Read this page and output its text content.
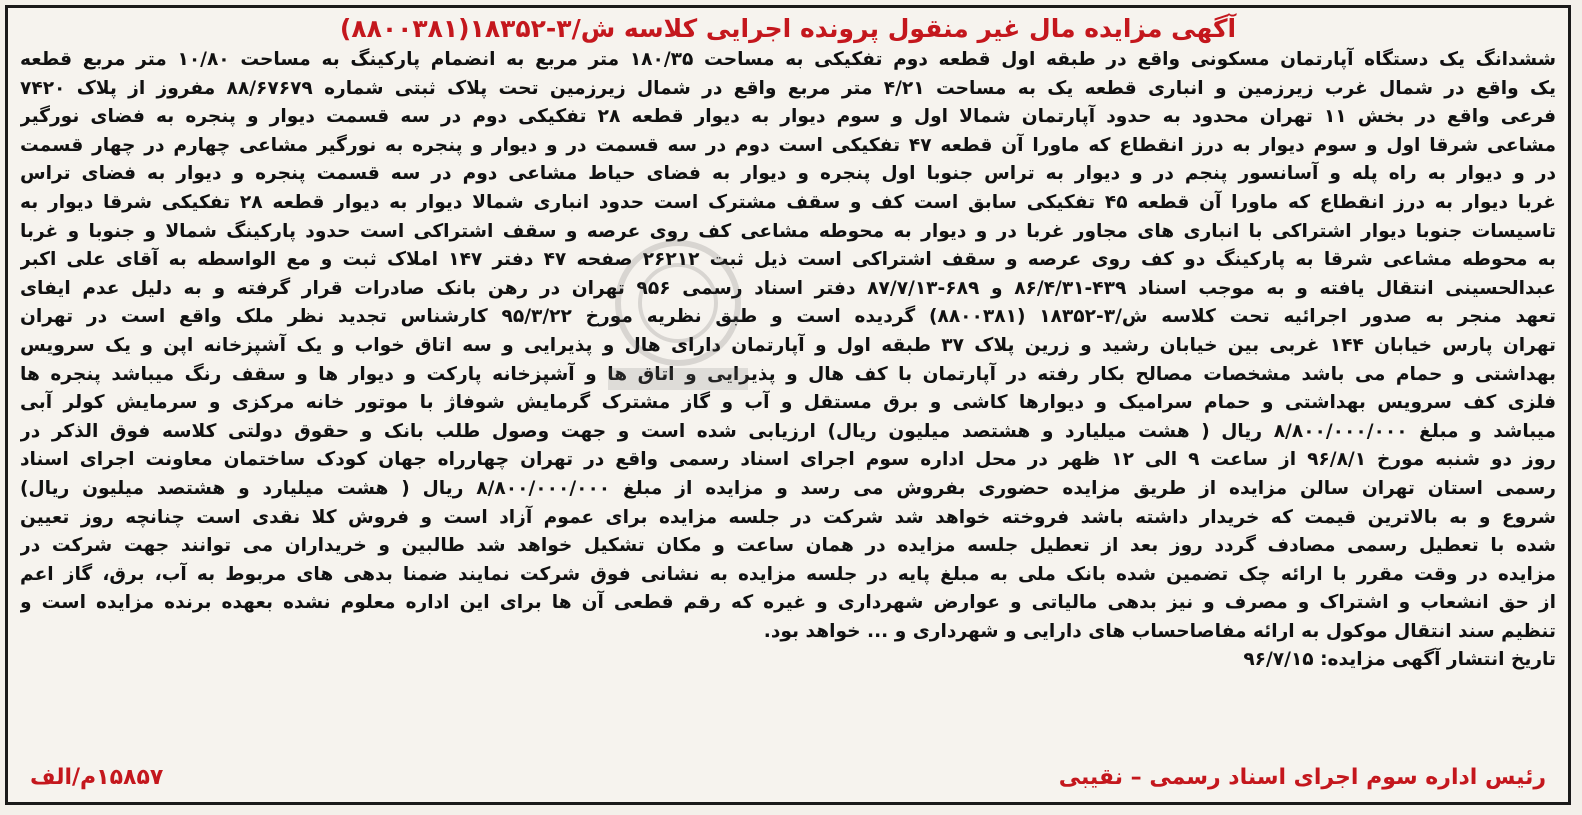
آگهی مزایده مال غیر منقول پرونده اجرایی کلاسه ش/۳-۱۸۳۵۲(۸۸۰۰۳۸۱)
ششدانگ یک دستگاه آپارتمان مسکونی واقع در طبقه اول قطعه دوم تفکیکی به مساحت ۱۸۰/۳۵ متر مربع به انضمام پارکینگ به مساحت ۱۰/۸۰ متر مربع قطعه
یک واقع در شمال غرب زیرزمین و انباری قطعه یک به مساحت ۴/۲۱ متر مربع واقع در شمال زیرزمین تحت پلاک ثبتی شماره ۸۸/۶۷۶۷۹ مفروز از پلاک ۷۴۲۰
فرعی واقع در بخش ۱۱ تهران محدود به حدود آپارتمان شمالا اول و سوم دیوار به دیوار قطعه ۲۸ تفکیکی دوم در سه قسمت دیوار و پنجره به فضای نورگیر
مشاعی شرقا اول و سوم دیوار به درز انقطاع که ماورا آن قطعه ۴۷ تفکیکی است دوم در سه قسمت در و دیوار و پنجره به نورگیر مشاعی چهارم در چهار قسمت
در و دیوار به راه پله و آسانسور پنجم در و دیوار به تراس جنوبا اول پنجره و دیوار به فضای حیاط مشاعی دوم در سه قسمت پنجره و دیوار به فضای تراس
غربا دیوار به درز انقطاع که ماورا آن قطعه ۴۵ تفکیکی سابق است کف و سقف مشترک است حدود انباری شمالا دیوار به دیوار قطعه ۲۸ تفکیکی شرقا دیوار به
تاسیسات جنوبا دیوار اشتراکی با انباری های مجاور غربا در و دیوار به محوطه مشاعی کف روی عرصه و سقف اشتراکی است حدود پارکینگ شمالا و جنوبا و غربا
به محوطه مشاعی شرقا به پارکینگ دو کف روی عرصه و سقف اشتراکی است ذیل ثبت ۲۶۲۱۲ صفحه ۴۷ دفتر ۱۴۷ املاک ثبت و مع الواسطه به آقای علی اکبر
عبدالحسینی انتقال یافته و به موجب اسناد ۴۳۹-۸۶/۴/۳۱ و ۶۸۹-۸۷/۷/۱۳ دفتر اسناد رسمی ۹۵۶ تهران در رهن بانک صادرات قرار گرفته و به دلیل عدم ایفای
تعهد منجر به صدور اجرائیه تحت کلاسه ش/۳-۱۸۳۵۲ (۸۸۰۰۳۸۱) گردیده است و طبق نظریه مورخ ۹۵/۳/۲۲ کارشناس تجدید نظر ملک واقع است در تهران
تهران پارس خیابان ۱۴۴ غربی بین خیابان رشید و زرین پلاک ۳۷ طبقه اول و آپارتمان دارای هال و پذیرایی و سه اتاق خواب و یک آشپزخانه اپن و یک سرویس
بهداشتی و حمام می باشد مشخصات مصالح بکار رفته در آپارتمان با کف هال و پذیرایی و اتاق ها و آشپزخانه پارکت و دیوار ها و سقف رنگ میباشد پنجره ها
فلزی کف سرویس بهداشتی و حمام سرامیک و دیوارها کاشی و برق مستقل و آب و گاز مشترک گرمایش شوفاژ با موتور خانه مرکزی و سرمایش کولر آبی
میباشد و مبلغ ۸/۸۰۰/۰۰۰/۰۰۰ ریال ( هشت میلیارد و هشتصد میلیون ریال) ارزیابی شده است و جهت وصول طلب بانک و حقوق دولتی کلاسه فوق الذکر در
روز دو شنبه مورخ ۹۶/۸/۱ از ساعت ۹ الی ۱۲ ظهر در محل اداره سوم اجرای اسناد رسمی واقع در تهران چهارراه جهان کودک ساختمان معاونت اجرای اسناد
رسمی استان تهران سالن مزایده از طریق مزایده حضوری بفروش می رسد و مزایده از مبلغ ۸/۸۰۰/۰۰۰/۰۰۰ ریال ( هشت میلیارد و هشتصد میلیون ریال)
شروع و به بالاترین قیمت که خریدار داشته باشد فروخته خواهد شد شرکت در جلسه مزایده برای عموم آزاد است و فروش کلا نقدی است چنانچه روز تعیین
شده با تعطیل رسمی مصادف گردد روز بعد از تعطیل جلسه مزایده در همان ساعت و مکان تشکیل خواهد شد طالبین و خریداران می توانند جهت شرکت در
مزایده در وقت مقرر با ارائه چک تضمین شده بانک ملی به مبلغ پایه در جلسه مزایده به نشانی فوق شرکت نمایند ضمنا بدهی های مربوط به آب، برق، گاز اعم
از حق انشعاب و اشتراک و مصرف و نیز بدهی مالیاتی و عوارض شهرداری و غیره که رقم قطعی آن ها برای این اداره معلوم نشده بعهده برنده مزایده است و
تنظیم سند انتقال موکول به ارائه مفاصاحساب های دارایی و شهرداری و ... خواهد بود.
تاریخ انتشار آگهی مزایده: ۹۶/۷/۱۵
رئیس اداره سوم اجرای اسناد رسمی – نقیبی
۱۵۸۵۷م/الف
